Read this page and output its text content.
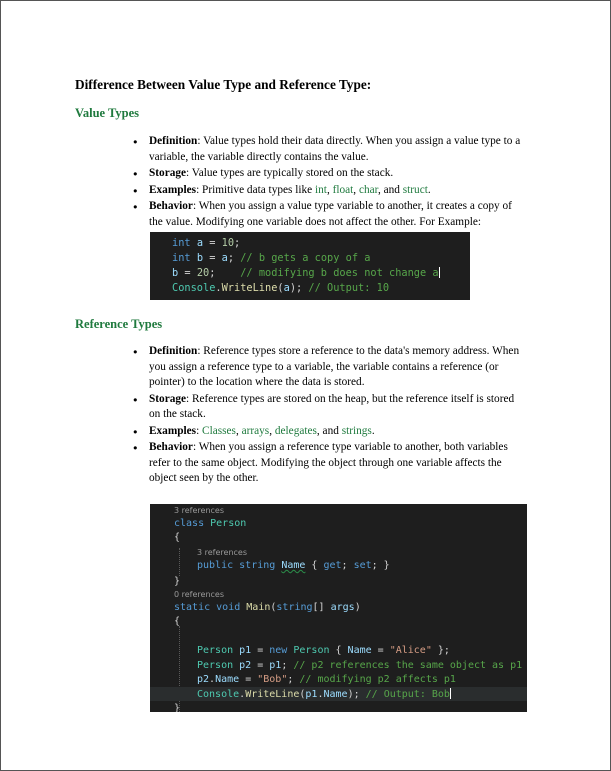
Difference Between Value Type and Reference Type:
Value Types
● Definition: Value types hold their data directly. When you assign a value type to a variable, the variable directly contains the value.
● Storage: Value types are typically stored on the stack.
● Examples: Primitive data types like int, float, char, and struct.
● Behavior: When you assign a value type variable to another, it creates a copy of the value. Modifying one variable does not affect the other. For Example:
int a = 10;
int b = a; // b gets a copy of a
b = 20;    // modifying b does not change a
Console.WriteLine(a); // Output: 10
Reference Types
● Definition: Reference types store a reference to the data's memory address. When you assign a reference type to a variable, the variable contains a reference (or pointer) to the location where the data is stored.
● Storage: Reference types are stored on the heap, but the reference itself is stored on the stack.
● Examples: Classes, arrays, delegates, and strings.
● Behavior: When you assign a reference type variable to another, both variables refer to the same object. Modifying the object through one variable affects the object seen by the other.
3 references
class Person
{
3 references
public string Name { get; set; }
}
0 references
static void Main(string[] args)
{
Person p1 = new Person { Name = "Alice" };
Person p2 = p1; // p2 references the same object as p1
p2.Name = "Bob"; // modifying p2 affects p1
Console.WriteLine(p1.Name); // Output: Bob
}
